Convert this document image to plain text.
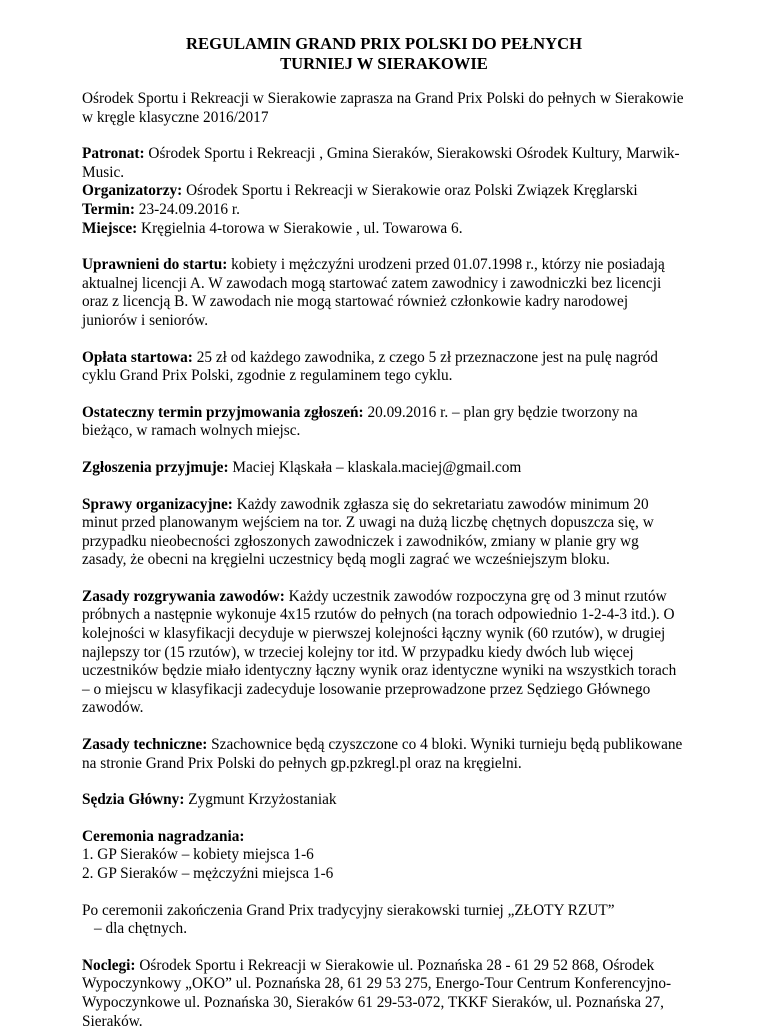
REGULAMIN GRAND PRIX POLSKI DO PEŁNYCH
TURNIEJ W SIERAKOWIE

Ośrodek Sportu i Rekreacji w Sierakowie zaprasza na Grand Prix Polski do pełnych w Sierakowie w kręgle klasyczne 2016/2017

Patronat: Ośrodek Sportu i Rekreacji , Gmina Sieraków, Sierakowski Ośrodek Kultury, Marwik-Music.

Organizatorzy: Ośrodek Sportu i Rekreacji w Sierakowie oraz Polski Związek Kręglarski

Termin: 23-24.09.2016 r.

Miejsce: Kręgielnia 4-torowa w Sierakowie , ul. Towarowa 6.

Uprawnieni do startu: kobiety i mężczyźni urodzeni przed 01.07.1998 r., którzy nie posiadają aktualnej licencji A. W zawodach mogą startować zatem zawodnicy i zawodniczki bez licencji oraz z licencją B. W zawodach nie mogą startować również członkowie kadry narodowej juniorów i seniorów.

Opłata startowa: 25 zł od każdego zawodnika, z czego 5 zł przeznaczone jest na pulę nagród cyklu Grand Prix Polski, zgodnie z regulaminem tego cyklu.

Ostateczny termin przyjmowania zgłoszeń: 20.09.2016 r. – plan gry będzie tworzony na bieżąco, w ramach wolnych miejsc.

Zgłoszenia przyjmuje: Maciej Kląskała – klaskala.maciej@gmail.com

Sprawy organizacyjne: Każdy zawodnik zgłasza się do sekretariatu zawodów minimum 20 minut przed planowanym wejściem na tor. Z uwagi na dużą liczbę chętnych dopuszcza się, w przypadku nieobecności zgłoszonych zawodniczek i zawodników, zmiany w planie gry wg zasady, że obecni na kręgielni uczestnicy będą mogli zagrać we wcześniejszym bloku.

Zasady rozgrywania zawodów: Każdy uczestnik zawodów rozpoczyna grę od 3 minut rzutów próbnych a następnie wykonuje 4x15 rzutów do pełnych (na torach odpowiednio 1-2-4-3 itd.). O kolejności w klasyfikacji decyduje w pierwszej kolejności łączny wynik (60 rzutów), w drugiej najlepszy tor (15 rzutów), w trzeciej kolejny tor itd. W przypadku kiedy dwóch lub więcej uczestników będzie miało identyczny łączny wynik oraz identyczne wyniki na wszystkich torach – o miejscu w klasyfikacji zadecyduje losowanie przeprowadzone przez Sędziego Głównego zawodów.

Zasady techniczne: Szachownice będą czyszczone co 4 bloki. Wyniki turnieju będą publikowane na stronie Grand Prix Polski do pełnych gp.pzkregl.pl oraz na kręgielni.

Sędzia Główny: Zygmunt Krzyżostaniak

Ceremonia nagradzania:

1. GP Sieraków – kobiety miejsca 1-6

2. GP Sieraków – mężczyźni miejsca 1-6

Po ceremonii zakończenia Grand Prix tradycyjny sierakowski turniej „ZŁOTY RZUT”

– dla chętnych.

Noclegi: Ośrodek Sportu i Rekreacji w Sierakowie ul. Poznańska 28 - 61 29 52 868, Ośrodek Wypoczynkowy „OKO” ul. Poznańska 28, 61 29 53 275, Energo-Tour Centrum Konferencyjno-Wypoczynkowe ul. Poznańska 30, Sieraków 61 29-53-072, TKKF Sieraków, ul. Poznańska 27, Sieraków.
